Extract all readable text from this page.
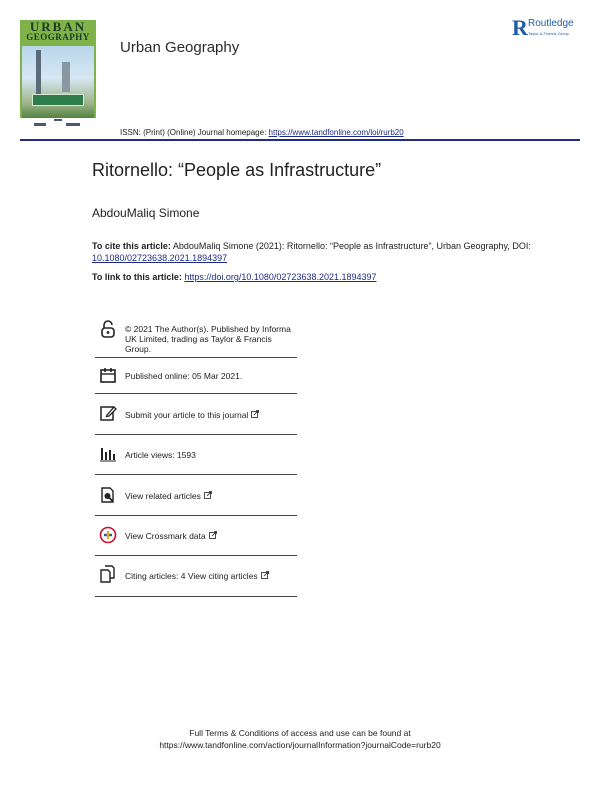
URBAN
GEOGRAPHY
Urban Geography
R Routledge
Taylor & Francis Group
ISSN: (Print) (Online) Journal homepage: https://www.tandfonline.com/loi/rurb20
Ritornello: “People as Infrastructure”
AbdouMaliq Simone
To cite this article: AbdouMaliq Simone (2021): Ritornello: “People as Infrastructure”, Urban Geography, DOI: 10.1080/02723638.2021.1894397
To link to this article: https://doi.org/10.1080/02723638.2021.1894397
© 2021 The Author(s). Published by Informa UK Limited, trading as Taylor & Francis Group.
Published online: 05 Mar 2021.
Submit your article to this journal
Article views: 1593
View related articles
View Crossmark data
Citing articles: 4 View citing articles
Full Terms & Conditions of access and use can be found at
https://www.tandfonline.com/action/journalInformation?journalCode=rurb20
